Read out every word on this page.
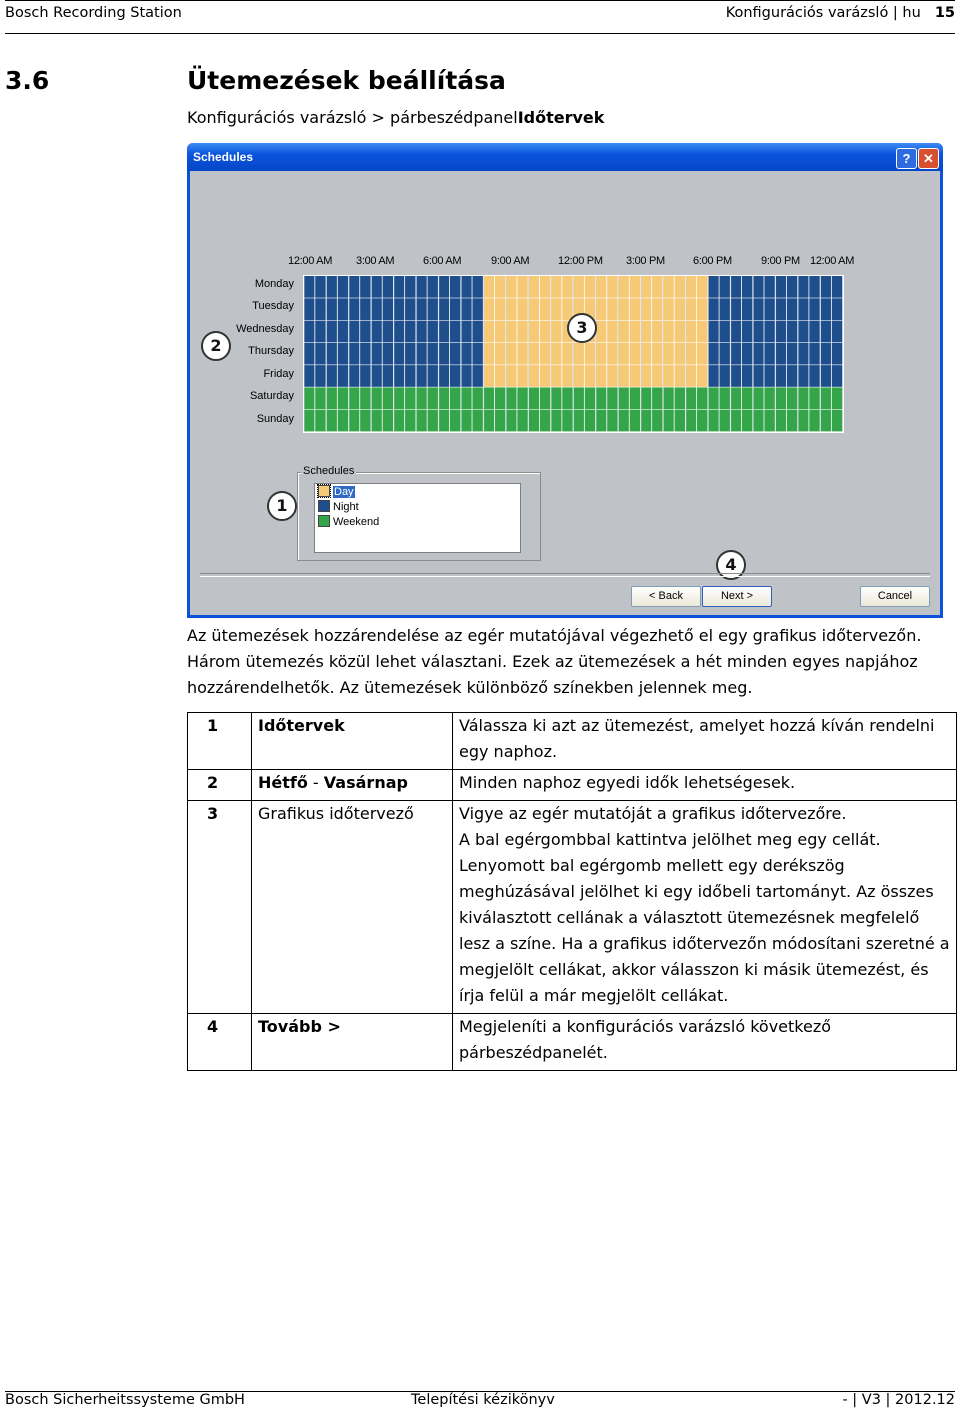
Bosch Recording Station	Konfigurációs varázsló | hu 15
3.6	Ütemezések beállítása
Konfigurációs varázsló > párbeszédpanelIdőtervek
Schedules	? ✕
12:00 AM 3:00 AM	6:00 AM	9:00 AM	12:00 PM 3:00 PM	6:00 PM	9:00 PM 12:00 AM
Monday
Tuesday
Wednesday
Thursday
Friday
Saturday
Sunday
2
3
1
4
Schedules
Day
Night
Weekend
< Back	Next >	Cancel
Az ütemezések hozzárendelése az egér mutatójával végezhető el egy grafikus időtervezőn. Három ütemezés közül lehet választani. Ezek az ütemezések a hét minden egyes napjához hozzárendelhetők. Az ütemezések különböző színekben jelennek meg.
1	Időtervek	Válassza ki azt az ütemezést, amelyet hozzá kíván rendelni egy naphoz.
2	Hétfő - Vasárnap	Minden naphoz egyedi idők lehetségesek.
3	Grafikus időtervező	Vigye az egér mutatóját a grafikus időtervezőre.
A bal egérgombbal kattintva jelölhet meg egy cellát. Lenyomott bal egérgomb mellett egy derékszög meghúzásával jelölhet ki egy időbeli tartományt. Az összes kiválasztott cellának a választott ütemezésnek megfelelő lesz a színe. Ha a grafikus időtervezőn módosítani szeretné a megjelölt cellákat, akkor válasszon ki másik ütemezést, és írja felül a már megjelölt cellákat.

4	Tovább >	Megjeleníti a konfigurációs varázsló következő párbeszédpanelét.
Bosch Sicherheitssysteme GmbH	Telepítési kézikönyv	- | V3 | 2012.12
